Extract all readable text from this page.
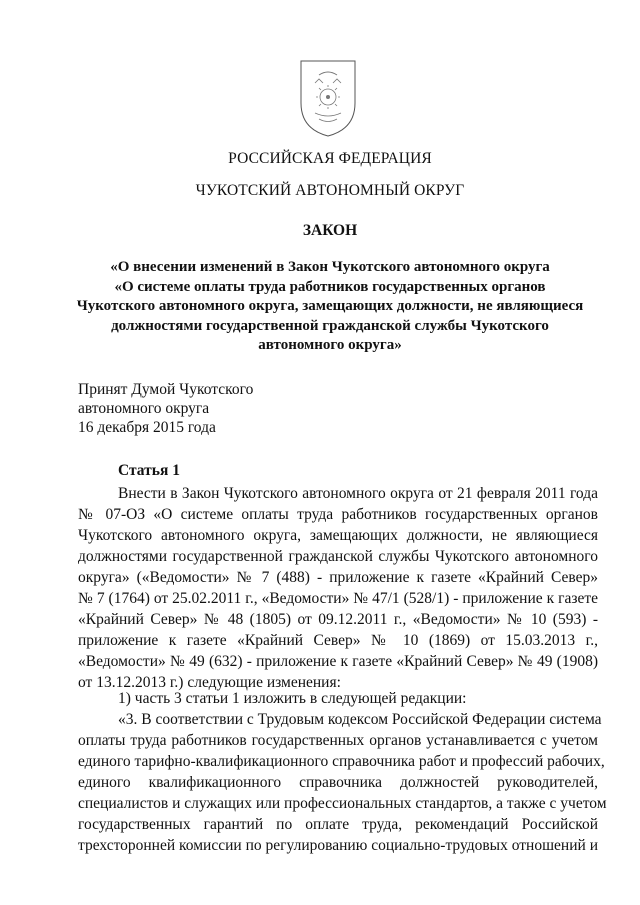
РОССИЙСКАЯ ФЕДЕРАЦИЯ
ЧУКОТСКИЙ АВТОНОМНЫЙ ОКРУГ
ЗАКОН
«О внесении изменений в Закон Чукотского автономного округа
«О системе оплаты труда работников государственных органов
Чукотского автономного округа, замещающих должности, не являющиеся
должностями государственной гражданской службы Чукотского
автономного округа»
Принят Думой Чукотского
автономного округа
16 декабря 2015 года
Статья 1
Внести в Закон Чукотского автономного округа от 21 февраля 2011 года
№ 07-ОЗ «О системе оплаты труда работников государственных органов
Чукотского автономного округа, замещающих должности, не являющиеся
должностями государственной гражданской службы Чукотского автономного
округа» («Ведомости» № 7 (488) - приложение к газете «Крайний Север»
№ 7 (1764) от 25.02.2011 г., «Ведомости» № 47/1 (528/1) - приложение к газете
«Крайний Север» № 48 (1805) от 09.12.2011 г., «Ведомости» № 10 (593) -
приложение к газете «Крайний Север» № 10 (1869) от 15.03.2013 г.,
«Ведомости» № 49 (632) - приложение к газете «Крайний Север» № 49 (1908)
от 13.12.2013 г.) следующие изменения:
1) часть 3 статьи 1 изложить в следующей редакции:
«3. В соответствии с Трудовым кодексом Российской Федерации система
оплаты труда работников государственных органов устанавливается с учетом
единого тарифно-квалификационного справочника работ и профессий рабочих,
единого квалификационного справочника должностей руководителей,
специалистов и служащих или профессиональных стандартов, а также с учетом
государственных гарантий по оплате труда, рекомендаций Российской
трехсторонней комиссии по регулированию социально-трудовых отношений и
